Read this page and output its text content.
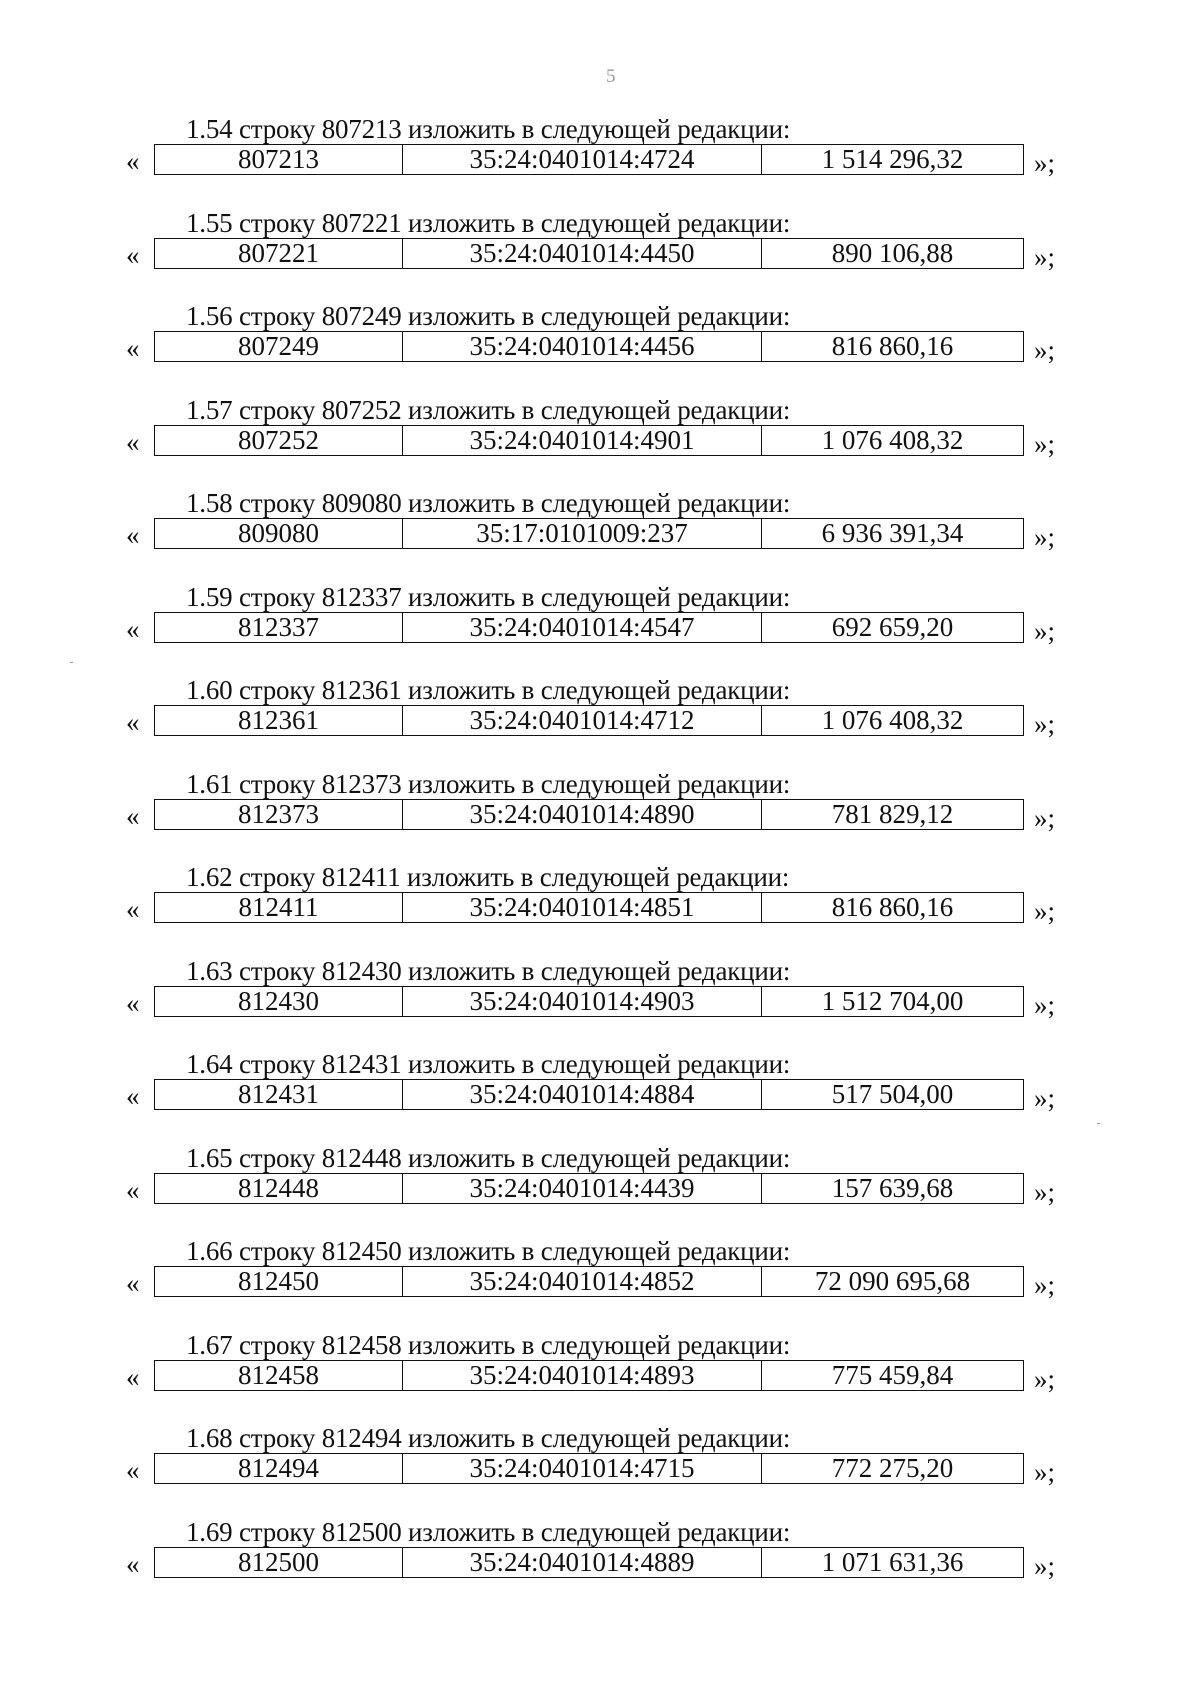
5
1.54 строку 807213 изложить в следующей редакции:
«	807213	35:24:0401014:4724	1 514 296,32	»;
1.55 строку 807221 изложить в следующей редакции:
«	807221	35:24:0401014:4450	890 106,88	»;
1.56 строку 807249 изложить в следующей редакции:
«	807249	35:24:0401014:4456	816 860,16	»;
1.57 строку 807252 изложить в следующей редакции:
«	807252	35:24:0401014:4901	1 076 408,32	»;
1.58 строку 809080 изложить в следующей редакции:
«	809080	35:17:0101009:237	6 936 391,34	»;
1.59 строку 812337 изложить в следующей редакции:
«	812337	35:24:0401014:4547	692 659,20	»;
1.60 строку 812361 изложить в следующей редакции:
«	812361	35:24:0401014:4712	1 076 408,32	»;
1.61 строку 812373 изложить в следующей редакции:
«	812373	35:24:0401014:4890	781 829,12	»;
1.62 строку 812411 изложить в следующей редакции:
«	812411	35:24:0401014:4851	816 860,16	»;
1.63 строку 812430 изложить в следующей редакции:
«	812430	35:24:0401014:4903	1 512 704,00	»;
1.64 строку 812431 изложить в следующей редакции:
«	812431	35:24:0401014:4884	517 504,00	»;
1.65 строку 812448 изложить в следующей редакции:
«	812448	35:24:0401014:4439	157 639,68	»;
1.66 строку 812450 изложить в следующей редакции:
«	812450	35:24:0401014:4852	72 090 695,68	»;
1.67 строку 812458 изложить в следующей редакции:
«	812458	35:24:0401014:4893	775 459,84	»;
1.68 строку 812494 изложить в следующей редакции:
«	812494	35:24:0401014:4715	772 275,20	»;
1.69 строку 812500 изложить в следующей редакции:
«	812500	35:24:0401014:4889	1 071 631,36	»;
